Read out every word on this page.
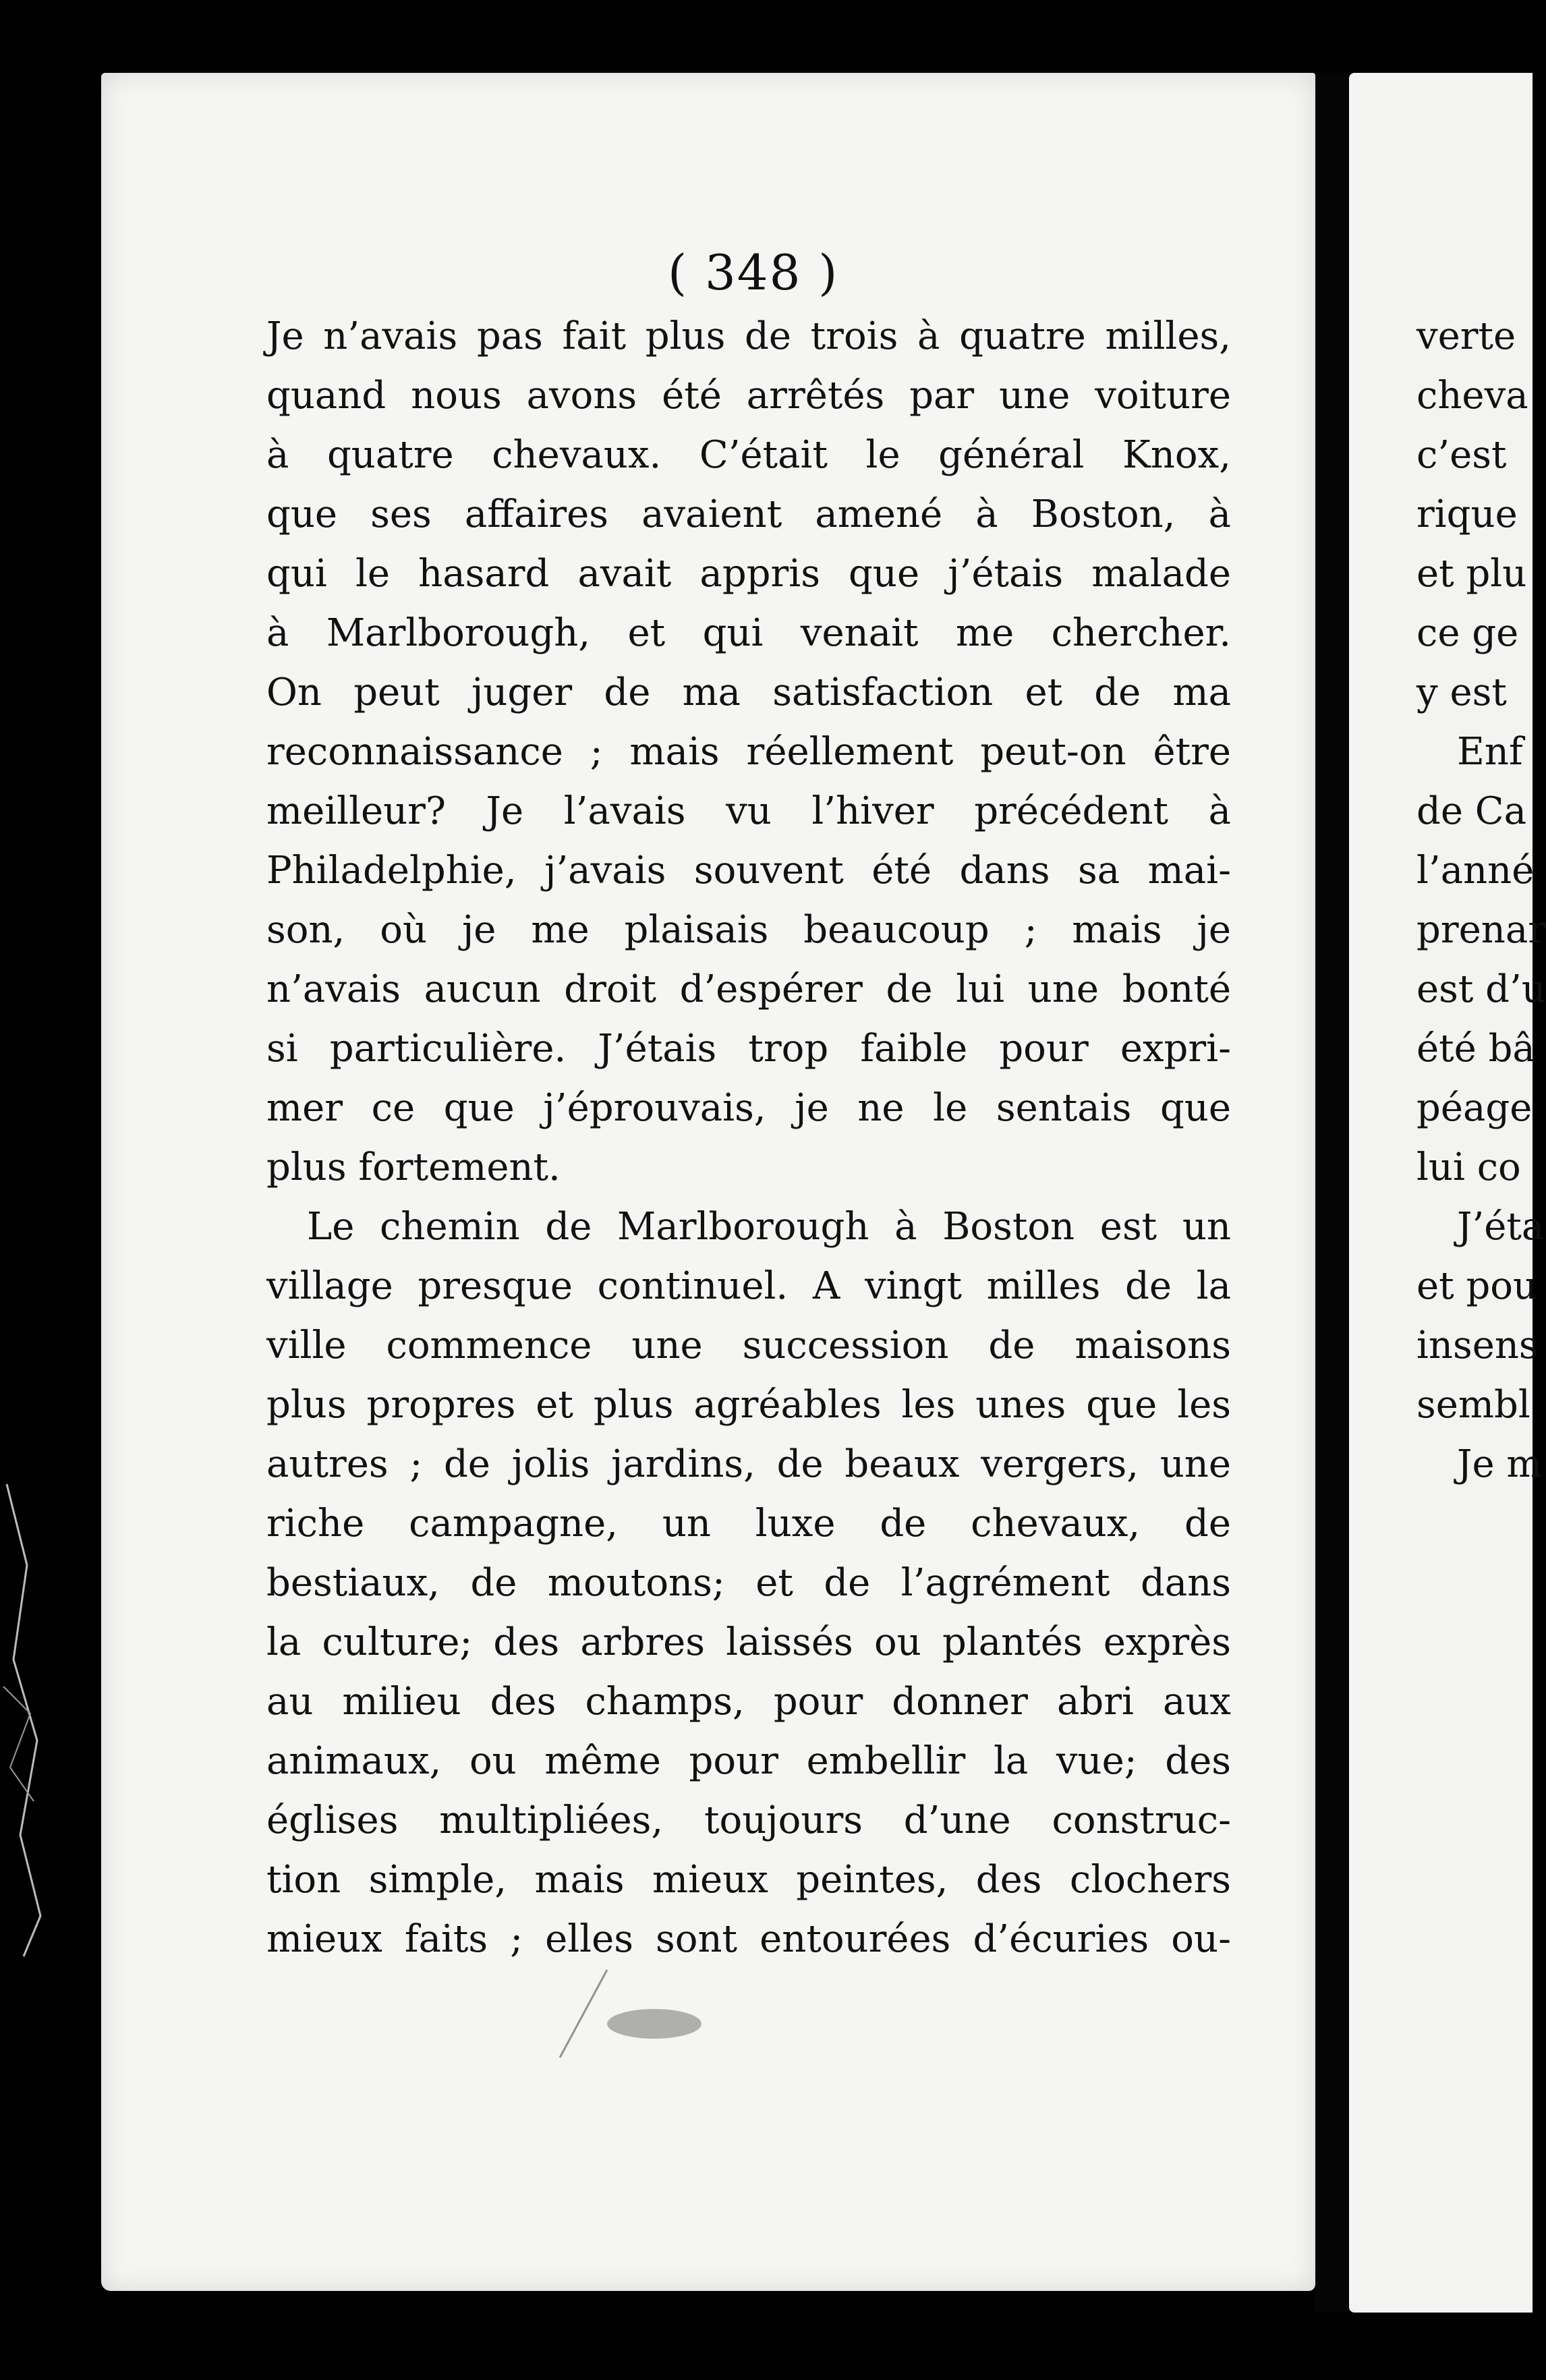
( 348 )
Je n’avais pas fait plus de trois à quatre milles,
quand nous avons été arrêtés par une voiture
à quatre chevaux. C’était le général Knox,
que ses affaires avaient amené à Boston, à
qui le hasard avait appris que j’étais malade
à Marlborough, et qui venait me chercher.
On peut juger de ma satisfaction et de ma
reconnaissance ; mais réellement peut-on être
meilleur? Je l’avais vu l’hiver précédent à
Philadelphie, j’avais souvent été dans sa mai-
son, où je me plaisais beaucoup ; mais je
n’avais aucun droit d’espérer de lui une bonté
si particulière. J’étais trop faible pour expri-
mer ce que j’éprouvais, je ne le sentais que
plus fortement.
Le chemin de Marlborough à Boston est un
village presque continuel. A vingt milles de la
ville commence une succession de maisons
plus propres et plus agréables les unes que les
autres ; de jolis jardins, de beaux vergers, une
riche campagne, un luxe de chevaux, de
bestiaux, de moutons; et de l’agrément dans
la culture; des arbres laissés ou plantés exprès
au milieu des champs, pour donner abri aux
animaux, ou même pour embellir la vue; des
églises multipliées, toujours d’une construc-
tion simple, mais mieux peintes, des clochers
mieux faits ; elles sont entourées d’écuries ou-
verte
cheva
c’est
rique
et plu
ce ge
y est
Enf
de Ca
l’anné
prenar
est d’u
été bâ
péage
lui co
J’éta
et pou
insens
sembl
Je m
